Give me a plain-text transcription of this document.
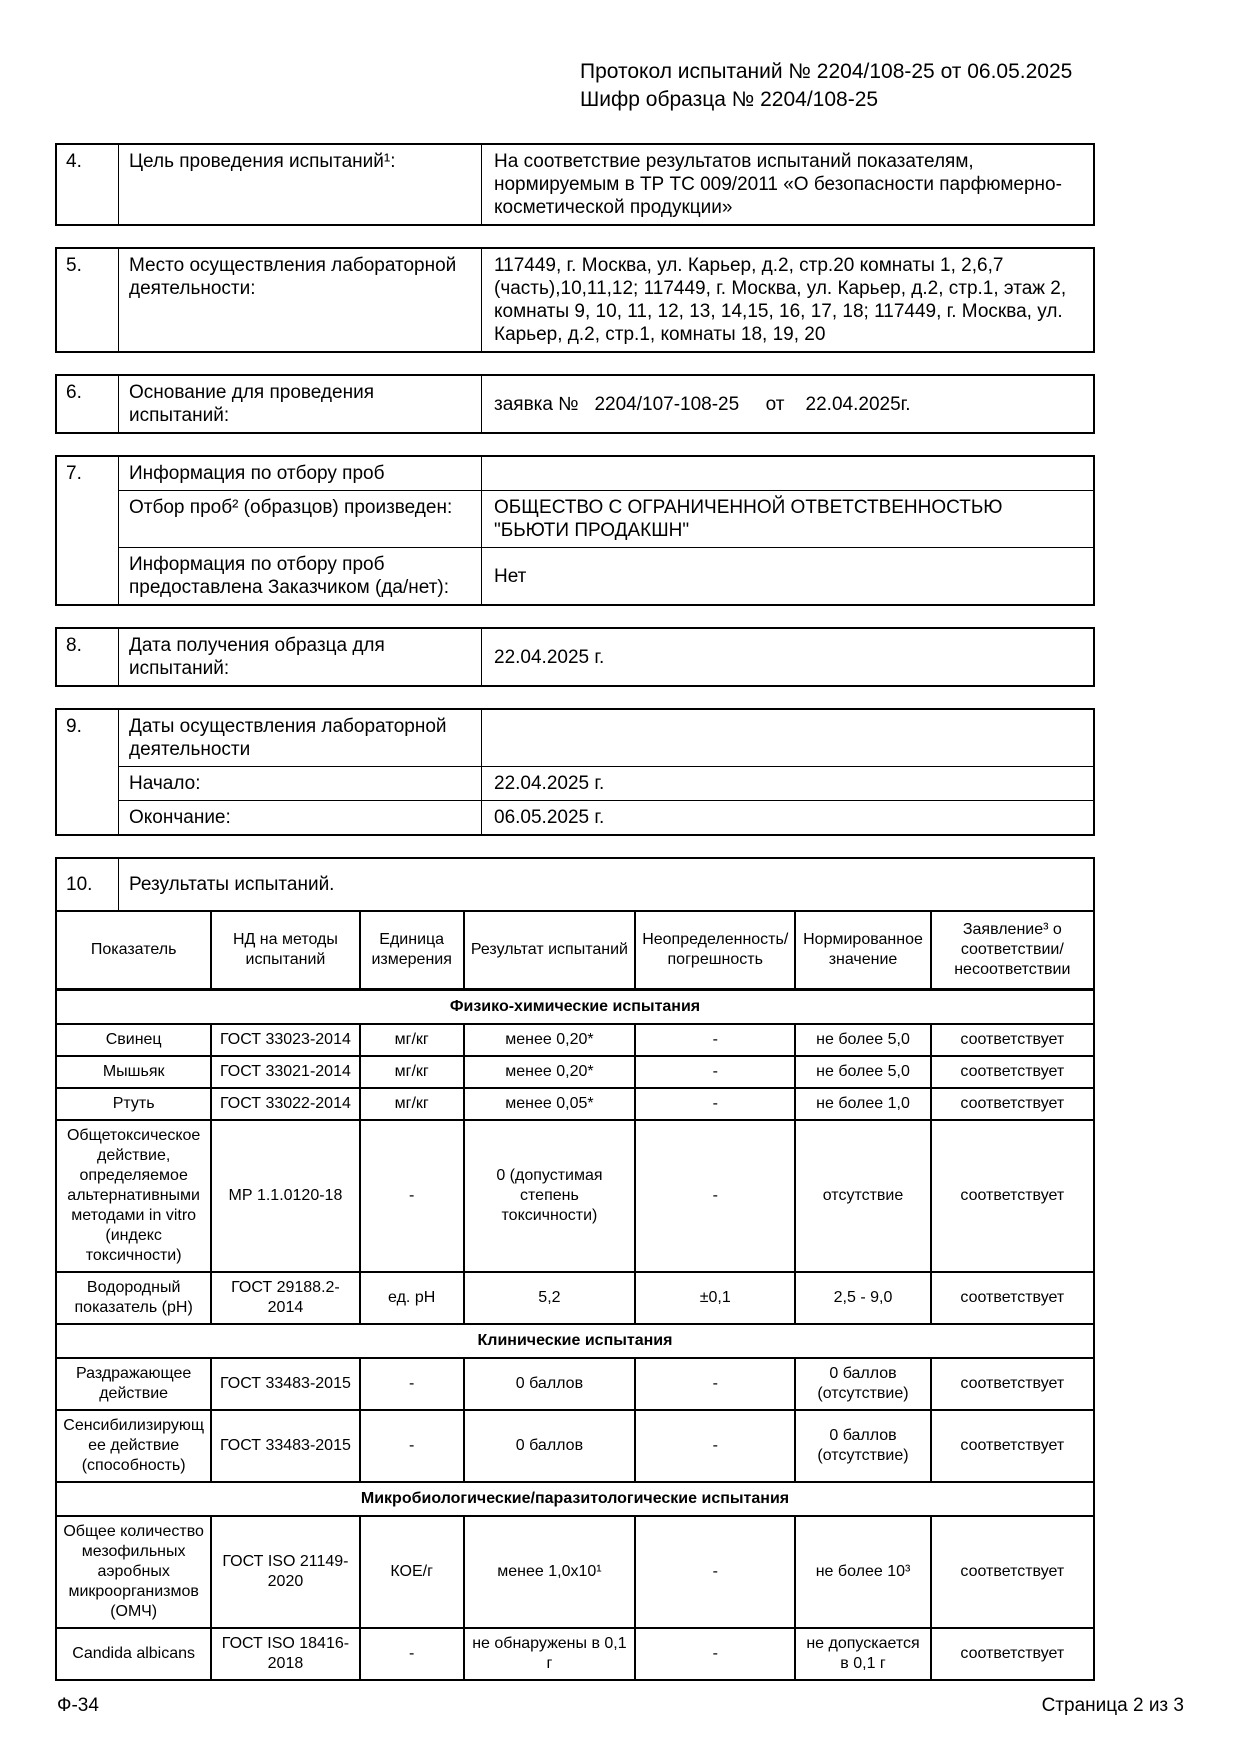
Протокол испытаний № 2204/108-25 от 06.05.2025
Шифр образца № 2204/108-25
4.	Цель проведения испытаний¹:	На соответствие результатов испытаний показателям, нормируемым в ТР ТС 009/2011 «О безопасности парфюмерно-косметической продукции»
5.	Место осуществления лабораторной деятельности:	117449, г. Москва, ул. Карьер, д.2, стр.20 комнаты 1, 2,6,7 (часть),10,11,12; 117449, г. Москва, ул. Карьер, д.2, стр.1, этаж 2, комнаты 9, 10, 11, 12, 13, 14,15, 16, 17, 18; 117449, г. Москва, ул. Карьер, д.2, стр.1, комнаты 18, 19, 20
6.	Основание для проведения испытаний:	заявка №   2204/107-108-25     от    22.04.2025г.
7.	Информация по отбору проб	
	Отбор проб² (образцов) произведен:	ОБЩЕСТВО С ОГРАНИЧЕННОЙ ОТВЕТСТВЕННОСТЬЮ "БЬЮТИ ПРОДАКШН"
	Информация по отбору проб предоставлена Заказчиком (да/нет):	Нет
8.	Дата получения образца для испытаний:	22.04.2025 г.
9.	Даты осуществления лабораторной деятельности	
	Начало:	22.04.2025 г.
	Окончание:	06.05.2025 г.
10.	Результаты испытаний.
Показатель	НД на методы испытаний	Единица измерения	Результат испытаний	Неопределенность/ погрешность	Нормированное значение	Заявление³ о соответствии/ несоответствии
Физико-химические испытания						
Свинец	ГОСТ 33023-2014	мг/кг	менее 0,20*	-	не более 5,0	соответствует
Мышьяк	ГОСТ 33021-2014	мг/кг	менее 0,20*	-	не более 5,0	соответствует
Ртуть	ГОСТ 33022-2014	мг/кг	менее 0,05*	-	не более 1,0	соответствует
Общетоксическое действие, определяемое альтернативными методами in vitro (индекс токсичности)	МР 1.1.0120-18	-	0 (допустимая степень токсичности)	-	отсутствие	соответствует
Водородный показатель (pH)	ГОСТ 29188.2-2014	ед. pH	5,2	±0,1	2,5 - 9,0	соответствует
Клинические испытания						
Раздражающее действие	ГОСТ 33483-2015	-	0 баллов	-	0 баллов (отсутствие)	соответствует
Сенсибилизирующее действие (способность)	ГОСТ 33483-2015	-	0 баллов	-	0 баллов (отсутствие)	соответствует
Микробиологические/паразитологические испытания						
Общее количество мезофильных аэробных микроорганизмов (ОМЧ)	ГОСТ ISO 21149-2020	КОЕ/г	менее 1,0x10¹	-	не более 10³	соответствует
Candida albicans	ГОСТ ISO 18416-2018	-	не обнаружены в 0,1 г	-	не допускается в 0,1 г	соответствует
Ф-34	Страница 2 из 3
